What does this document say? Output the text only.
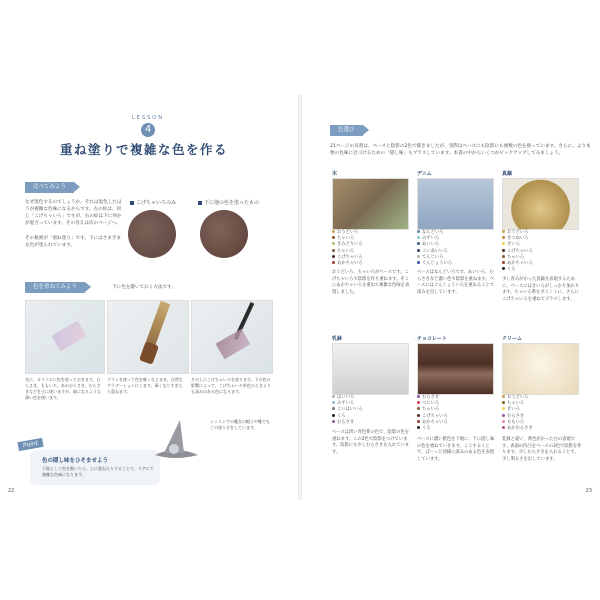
LESSON
4
重ね塗りで複雑な色を作る
比べてみよう
なぜ混色するのでしょうか。それは混色したほうが複雑な色味になるからです。左の絵は、同じ「こげちゃいろ」ですが、右の絵は下に何かが混ざっています。その答えは次のページへ。
その秘密が「重ね塗り」です。下にはさまざまな色が塗られています。
こげちゃいろのみ	下に他の色を塗ったもの
色を重ねてみよう	下に色を散いておく方法です。
先に、カラフルに色を塗っておきます。むらさき、ももいろ、あかむらさき、むらさきなどを主に使いますが、暗になるような薄い色を使います。
ブラシを使って色を軽くなじませ、自然なグラデーションにします。薄くなりすぎたら重ねます。
その上にこげちゃいろを塗ります。下の色の影響によって、こげちゃいろ単色のときよりも深みのある色になります。
レッスンでの魔女の帽子や靴でもこの塗り方をしています。
色の隠し味をひそませよう
下地として色を散いたら、上に重ねたりすることで、リアルで複雑な色味になります。
Point
22
色選び
21ページの貝殻は、ベースと陰影の2色で描きましたが、実際はベースにも陰影にも複数の色を使っています。さらに、より本物の色味に近づけるための「隠し味」もプラスしています。本書の中からいくつかピックアップしてみましょう。
木
おうどいろ
ちゃいろ
きみどりいろ
ちゃいろ
こげちゃいろ
あかちゃいろ
おうどいろ、ちゃいろがベースです。こげちゃいろで陰影を作り重ねます。そこにあかちゃいろを重ねて複雑な色味を表現しました。
デニム
なんどいろ
みずいろ
あいいろ
こいあいいろ
てんじいろ
ぐんじょういろ
ベースはなんどいろです。あいいろ、むらさきなど濃い色で陰影を重ねます。ベースにはぐんじょういろを重ねることで深みを出しています。
真鍮
おうどいろ
きつねいろ
きいろ
こげちゃいろ
ちゃいろ
あかちゃいろ
くろ
少し青みがかった真鍮を表現するために、ベースにはきいろがしっかり加わります。ちゃいろ系をポイントに、さらにこげちゃいろを重ねてプラスします。
乳鉢
はいいろ
みずいろ
こいはいいろ
くろ
むらさき
ベースは淡い青色系の色で、陰影の色を重ねます。この2色で陰影をつけています。陰影にも少しむらさきを入れています。
チョコレート
むらさき
べにいろ
ちゃいろ
こげちゃいろ
あかちゃいろ
くろ
ベースに濃い紫色を下地に、下に隠し味の色を重ねていきます。こうすることで、ぼーっと同様に深みのある色を表現しています。
クリーム
おうどいろ
ちゃいろ
きいろ
むらさき
ももいろ
あかむらさき
乳鉢と違い、黄色がかった白の表現です。表面の凹凸をベースの3色で陰影を作ります。少しむらさきを入れることで、少し明るさを出しています。
23
